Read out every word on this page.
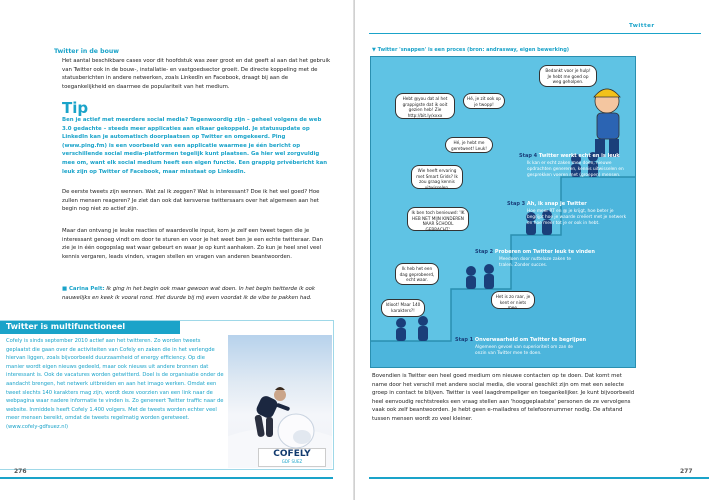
Twitter in de bouw
Het aantal beschikbare cases voor dit hoofdstuk was zeer groot en dat geeft al aan dat het gebruik van Twitter ook in de bouw-, installatie- en vastgoedsector groeit. De directe koppeling met de statusberichten in andere netwerken, zoals LinkedIn en Facebook, draagt bij aan de toegankelijkheid en daarmee de populariteit van het medium.
Tip
Ben je actief met meerdere social media? Tegenwoordig zijn – geheel volgens de web 3.0 gedachte – steeds meer applicaties aan elkaar gekoppeld. Je statusupdate op LinkedIn kan je automatisch doorplaatsen op Twitter en omgekeerd. Ping (www.ping.fm) is een voorbeeld van een applicatie waarmee je één bericht op verschillende social media-platformen tegelijk kunt plaatsen. Ga hier wel zorgvuldig mee om, want elk social medium heeft een eigen functie. Een grappig privébericht kan leuk zijn op Twitter of Facebook, maar misstaat op LinkedIn.
De eerste tweets zijn wennen. Wat zal ik zeggen? Wat is interessant? Doe ik het wel goed? Hoe zullen mensen reageren? Je ziet dan ook dat kersverse twittersaars over het algemeen aan het begin nog niet zo actief zijn.
Maar dan ontvang je leuke reacties of waardevolle input, kom je zelf een tweet tegen die je interessant genoeg vindt om door te sturen en voor je het weet ben je een echte twitteraar. Dan zie je in één oogopslag wat waar gebeurt en waar je op kunt aanhaken. Zo kun je heel snel veel kennis vergaren, leads vinden, vragen stellen en vragen van anderen beantwoorden.
■ Carina Pelt: Ik ging in het begin ook maar gewoon wat doen. In het begin twitterde ik ook nauwelijks en keek ik vooral rond. Het duurde bij mij even voordat ik de vibe te pakken had.
Twitter is multifunctioneel
Cofely is sinds september 2010 actief aan het twitteren. Zo worden tweets geplaatst die gaan over de activiteiten van Cofely en zaken die in het verlengde hiervan liggen, zoals bijvoorbeeld duurzaamheid of energy efficiency. Op die manier wordt eigen nieuws gedeeld, maar ook nieuws uit andere bronnen dat interessant is. Ook de vacatures worden getwitterd. Doel is de organisatie onder de aandacht brengen, het netwerk uitbreiden en aan het imago werken. Omdat een tweet slechts 140 karakters mag zijn, wordt deze voorzien van een link naar de webpagina waar nadere informatie te vinden is. Zo genereert Twitter traffic naar de website. Inmiddels heeft Cofely 1.400 volgers. Met de tweets worden echter veel meer mensen bereikt, omdat de tweets regelmatig worden geretweet. (www.cofely-gdfsuez.nl)
COFELY
GDF SUEZ
276
Twitter
▼ Twitter 'snappen' is een proces (bron: andrasway, eigen bewerking)
Bedankt voor je hulp! Je hebt me goed op weg geholpen.
Hebt @you dat al het grappigste dat ik ooit gezien heb! Zie http://bit.ly/xxxx
Hé, je zit ook op je twopp!
Hé, je hebt me geretweet! Leuk!
Wie heeft ervaring met Smart Grids? Ik zou graag kennis uitwisselen.
Ik ben toch benieuwd: 'IK HEB NET MIJN KINDEREN NAAR SCHOOL GEBRACHT.'
Ik heb het een dag geprobeerd, echt waar.
Het is zo raar, je kent er niets mee.
Idioot! Maar 140 karakters?!
Stap 4 Twitter werkt echt en is leuk
Ik kan er echt zaken mee doen, nieuwe opdrachten genereren, kennis uitwisselen en gesprekken voeren met (groepen) mensen.
Stap 3 Ah, ik snap je Twitter
Hoe meer RT en @ je krijgt, hoe beter je begrijpt hoe je waarde creëert met je netwerk en hoe meer tot je er ook in hebt.
Stap 2 Proberen om Twitter leuk te vinden
Meedoen door nutteloze zaken te tralen. Zonder succes.
Stap 1 Onverwaarheid om Twitter te begrijpen
Algemeen gevoel van superioriteit om zan de onzin van Twitter mee te doen.
Bovendien is Twitter een heel goed medium om nieuwe contacten op te doen. Dat komt met name door het verschil met andere social media, die vooral geschikt zijn om met een selecte groep in contact te blijven. Twitter is veel laagdrempeliger en toegankelijker. Je kunt bijvoorbeeld heel eenvoudig rechtstreeks een vraag stellen aan 'hooggeplaatste' personen de ze vervolgens vaak ook zelf beantwoorden. Je hebt geen e-mailadres of telefoonnummer nodig. De afstand tussen mensen wordt zo veel kleiner.
277
